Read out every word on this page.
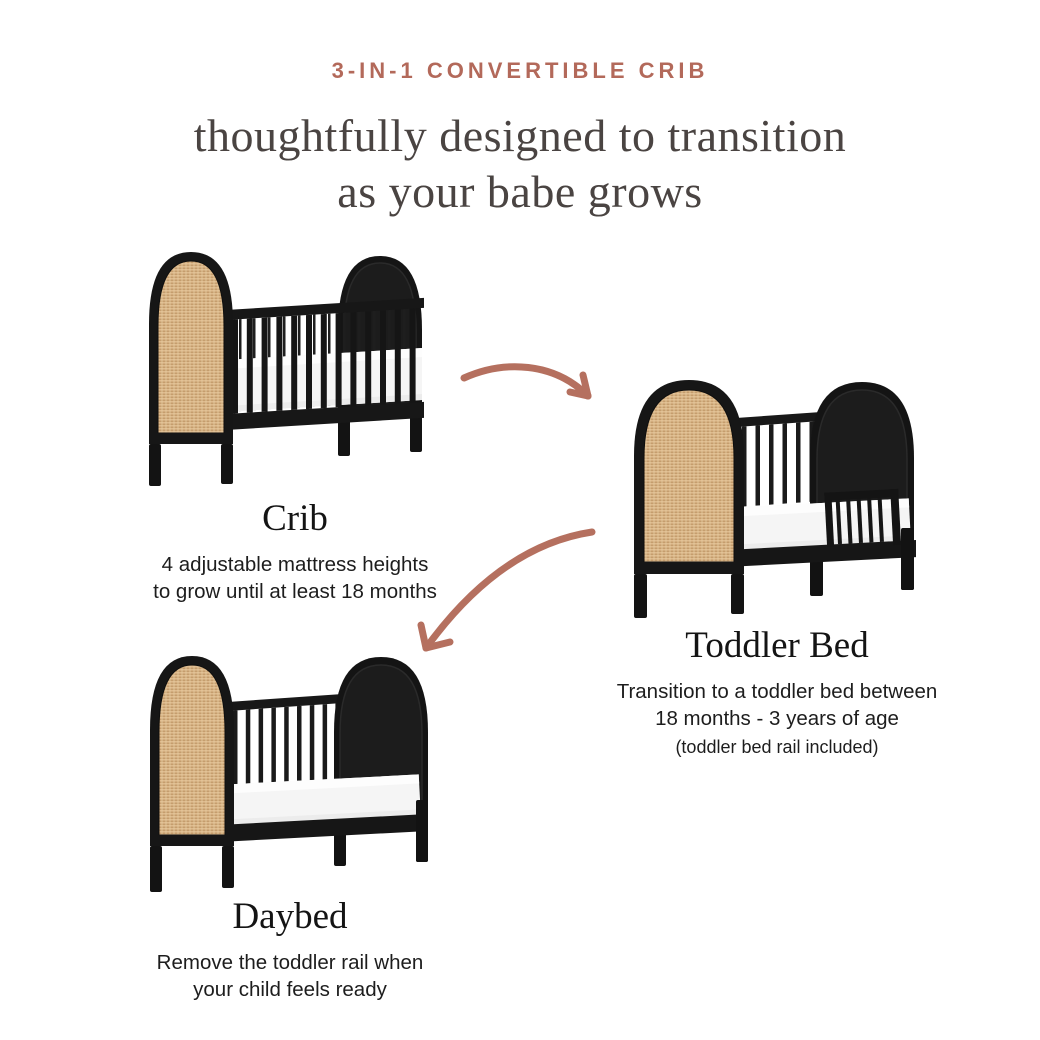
3-IN-1 CONVERTIBLE CRIB
thoughtfully designed to transition
as your babe grows
Crib
4 adjustable mattress heights
to grow until at least 18 months
Toddler Bed
Transition to a toddler bed between
18 months - 3 years of age
(toddler bed rail included)
Daybed
Remove the toddler rail when
your child feels ready
